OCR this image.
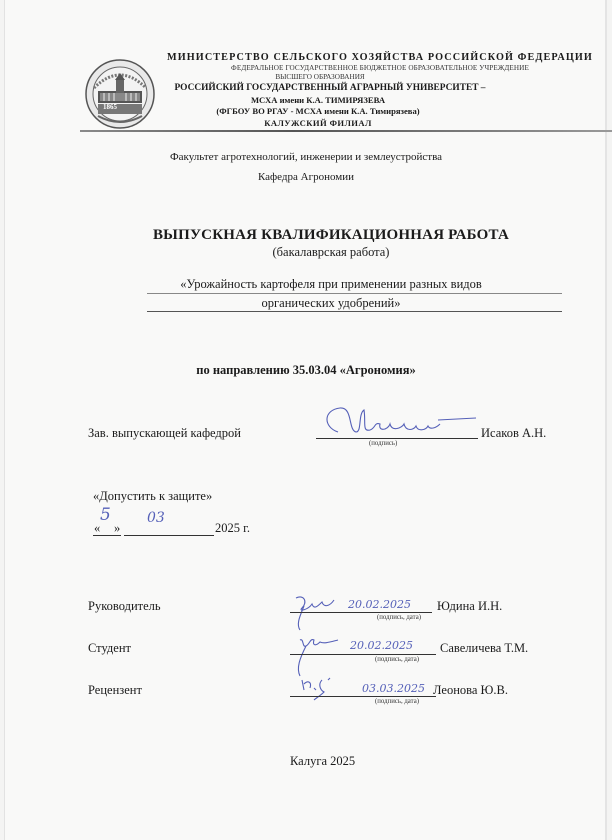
1865
МИНИСТЕРСТВО СЕЛЬСКОГО ХОЗЯЙСТВА РОССИЙСКОЙ ФЕДЕРАЦИИ
ФЕДЕРАЛЬНОЕ ГОСУДАРСТВЕННОЕ БЮДЖЕТНОЕ ОБРАЗОВАТЕЛЬНОЕ УЧРЕЖДЕНИЕ
ВЫСШЕГО ОБРАЗОВАНИЯ
РОССИЙСКИЙ ГОСУДАРСТВЕННЫЙ АГРАРНЫЙ УНИВЕРСИТЕТ –
МСХА имени К.А. ТИМИРЯЗЕВА
(ФГБОУ ВО РГАУ - МСХА имени К.А. Тимирязева)
КАЛУЖСКИЙ ФИЛИАЛ
Факультет агротехнологий, инженерии и землеустройства
Кафедра Агрономии
ВЫПУСКНАЯ КВАЛИФИКАЦИОННАЯ РАБОТА
(бакалаврская работа)
«Урожайность картофеля при применении разных видов
органических удобрений»
по направлению 35.03.04 «Агрономия»
Зав. выпускающей кафедрой
(подпись)
Исаков А.Н.
«Допустить к защите»
«
5
»
03
2025 г.
Руководитель	20.02.2025
(подпись, дата)
Юдина И.Н.
Студент	20.02.2025
(подпись, дата)
Савеличева Т.М.
Рецензент	03.03.2025
(подпись, дата)
Леонова Ю.В.
Калуга 2025
